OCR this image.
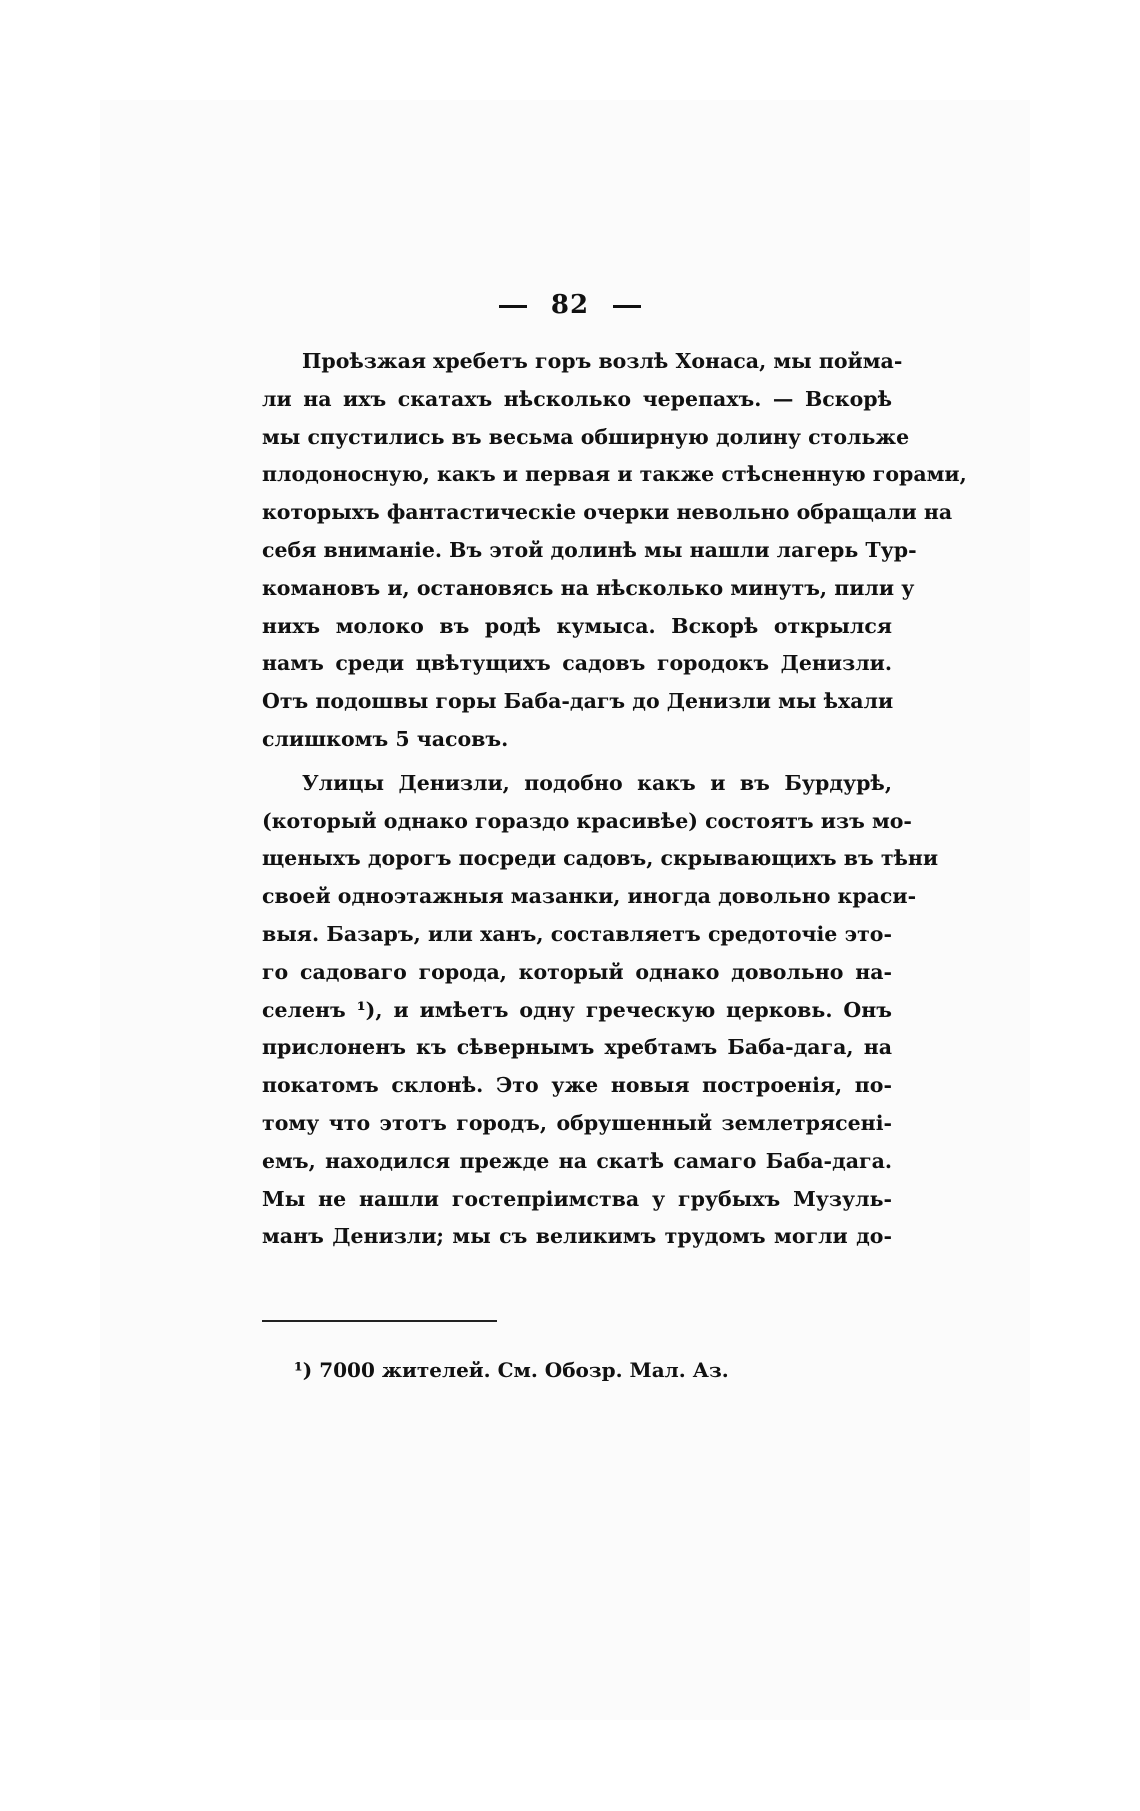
82
Проѣзжая хребетъ горъ возлѣ Хонаса, мы пойма-
ли на ихъ скатахъ нѣсколько черепахъ. — Вскорѣ
мы спустились въ весьма обширную долину стольже
плодоносную, какъ и первая и также стѣсненную горами,
которыхъ фантастическіе очерки невольно обращали на
себя вниманіе. Въ этой долинѣ мы нашли лагерь Тур-
комановъ и, остановясь на нѣсколько минутъ, пили у
нихъ молоко въ родѣ кумыса. Вскорѣ открылся
намъ среди цвѣтущихъ садовъ городокъ Денизли.
Отъ подошвы горы Баба-дагъ до Денизли мы ѣхали
слишкомъ 5 часовъ.
Улицы Денизли, подобно какъ и въ Бурдурѣ,
(который однако гораздо красивѣе) состоятъ изъ мо-
щеныхъ дорогъ посреди садовъ, скрывающихъ въ тѣни
своей одноэтажныя мазанки, иногда довольно краси-
выя. Базаръ, или ханъ, составляетъ средоточіе это-
го садоваго города, который однако довольно на-
селенъ ¹), и имѣетъ одну греческую церковь. Онъ
прислоненъ къ сѣвернымъ хребтамъ Баба-дага, на
покатомъ склонѣ. Это уже новыя построенія, по-
тому что этотъ городъ, обрушенный землетрясені-
емъ, находился прежде на скатѣ самаго Баба-дага.
Мы не нашли гостепріимства у грубыхъ Музуль-
манъ Денизли; мы съ великимъ трудомъ могли до-
¹) 7000 жителей. См. Обозр. Мал. Аз.
